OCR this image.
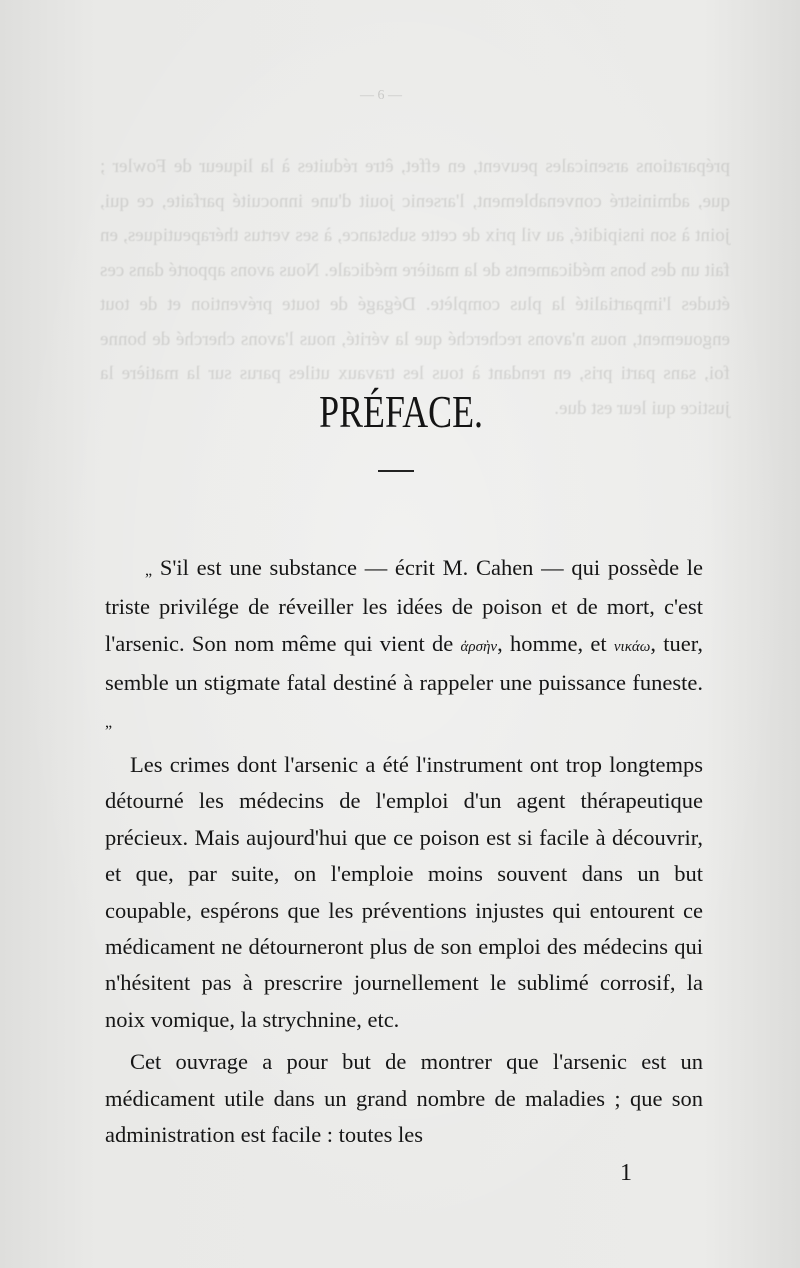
— 6 —
préparations arsenicales peuvent, en effet, être réduites à la liqueur de Fowler ; que, administré convenablement, l'arsenic jouit d'une innocuité parfaite, ce qui, joint à son insipidité, au vil prix de cette substance, à ses vertus thérapeutiques, en fait un des bons médicaments de la matière médicale. Nous avons apporté dans ces études l'impartialité la plus complète. Dégagé de toute prévention et de tout engouement, nous n'avons recherché que la vérité, nous l'avons cherché de bonne foi, sans parti pris, en rendant à tous les travaux utiles parus sur la matière la justice qui leur est due.
PRÉFACE.

„ S'il est une substance — écrit M. Cahen — qui possède le triste privilége de réveiller les idées de poison et de mort, c'est l'arsenic. Son nom même qui vient de ἀρσὴν, homme, et νικάω, tuer, semble un stigmate fatal destiné à rappeler une puissance funeste. „

Les crimes dont l'arsenic a été l'instrument ont trop longtemps détourné les médecins de l'emploi d'un agent thérapeutique précieux. Mais aujourd'hui que ce poison est si facile à découvrir, et que, par suite, on l'emploie moins souvent dans un but coupable, espérons que les préventions injustes qui entourent ce médicament ne détourneront plus de son emploi des médecins qui n'hésitent pas à prescrire journellement le sublimé corrosif, la noix vomique, la strychnine, etc.

Cet ouvrage a pour but de montrer que l'arsenic est un médicament utile dans un grand nombre de maladies ; que son administration est facile : toutes les

1
